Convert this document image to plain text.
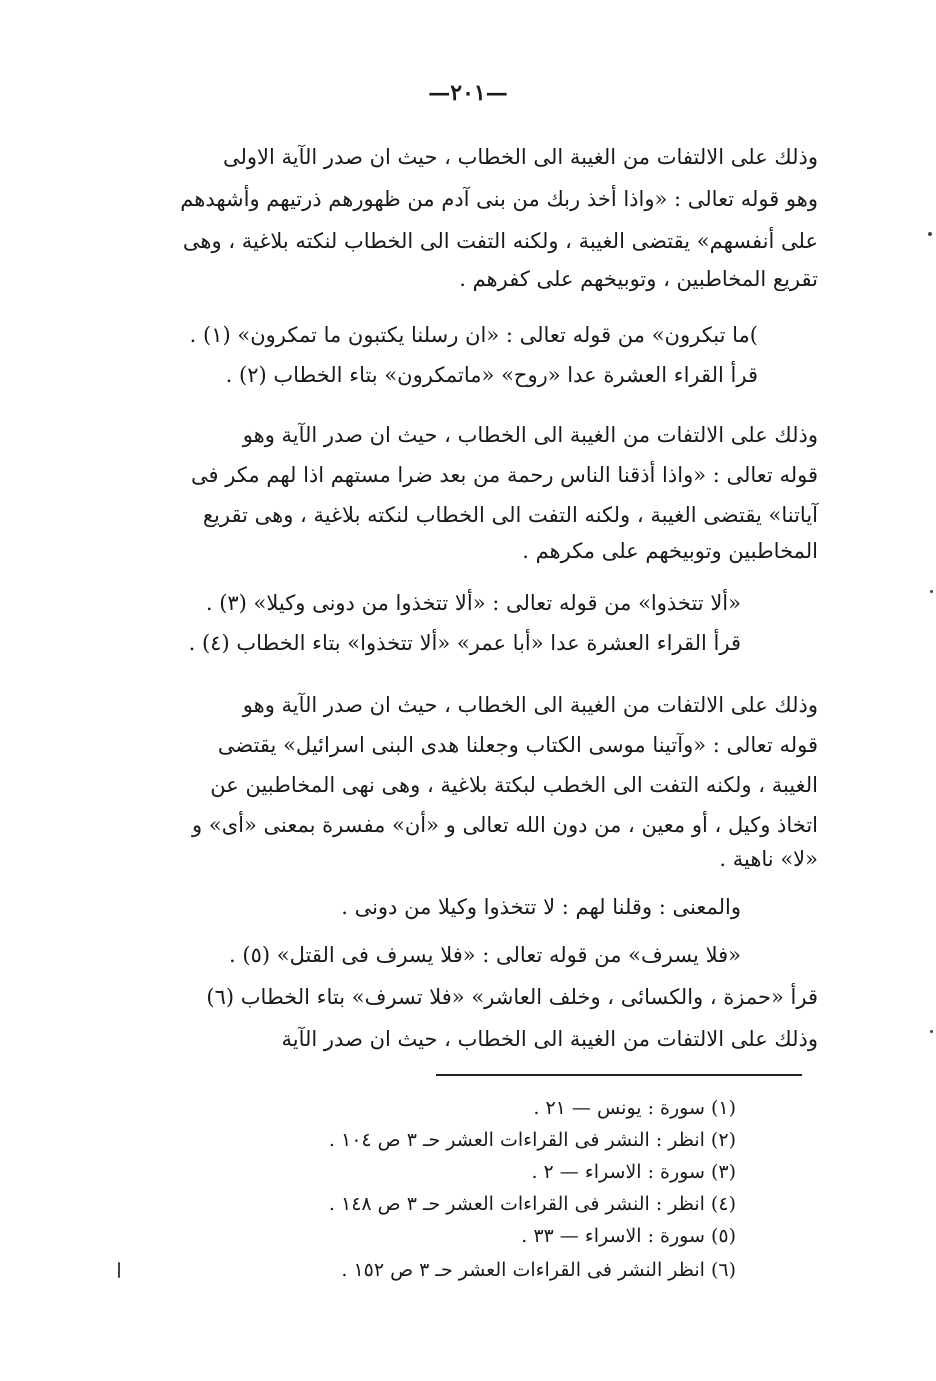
—٢٠١—
وذلك على الالتفات من الغيبة الى الخطاب ، حيث ان صدر الآية الاولى
وهو قوله تعالى : «واذا أخذ ربك من بنى آدم من ظهورهم ذرتيهم وأشهدهم
على أنفسهم» يقتضى الغيبة ، ولكنه التفت الى الخطاب لنكته بلاغية ، وهى
تقريع المخاطبين ، وتوبيخهم على كفرهم .
)ما تبكرون» من قوله تعالى : «ان رسلنا يكتبون ما تمكرون» (١) .
قرأ القراء العشرة عدا «روح» «ماتمكرون» بتاء الخطاب (٢) .
وذلك على الالتفات من الغيبة الى الخطاب ، حيث ان صدر الآية وهو
قوله تعالى : «واذا أذقنا الناس رحمة من بعد ضرا مستهم اذا لهم مكر فى
آياتنا» يقتضى الغيبة ، ولكنه التفت الى الخطاب لنكته بلاغية ، وهى تقريع
المخاطبين وتوبيخهم على مكرهم .
«ألا تتخذوا» من قوله تعالى : «ألا تتخذوا من دونى وكيلا» (٣) .
قرأ القراء العشرة عدا «أبا عمر» «ألا تتخذوا» بتاء الخطاب (٤) .
وذلك على الالتفات من الغيبة الى الخطاب ، حيث ان صدر الآية وهو
قوله تعالى : «وآتينا موسى الكتاب وجعلنا هدى البنى اسرائيل» يقتضى
الغيبة ، ولكنه التفت الى الخطب لبكتة بلاغية ، وهى نهى المخاطبين عن
اتخاذ وكيل ، أو معين ، من دون الله تعالى و «أن» مفسرة بمعنى «أى» و
«لا» ناهية .
والمعنى : وقلنا لهم : لا تتخذوا وكيلا من دونى .
«فلا يسرف» من قوله تعالى : «فلا يسرف فى القتل» (٥) .
قرأ «حمزة ، والكسائى ، وخلف العاشر» «فلا تسرف» بتاء الخطاب (٦)
وذلك على الالتفات من الغيبة الى الخطاب ، حيث ان صدر الآية
(١) سورة : يونس — ٢١ .
(٢) انظر : النشر فى القراءات العشر حـ ٣ ص ١٠٤ .
(٣) سورة : الاسراء — ٢ .
(٤) انظر : النشر فى القراءات العشر حـ ٣ ص ١٤٨ .
(٥) سورة : الاسراء — ٣٣ .
(٦) انظر النشر فى القراءات العشر حـ ٣ ص ١٥٢ .
